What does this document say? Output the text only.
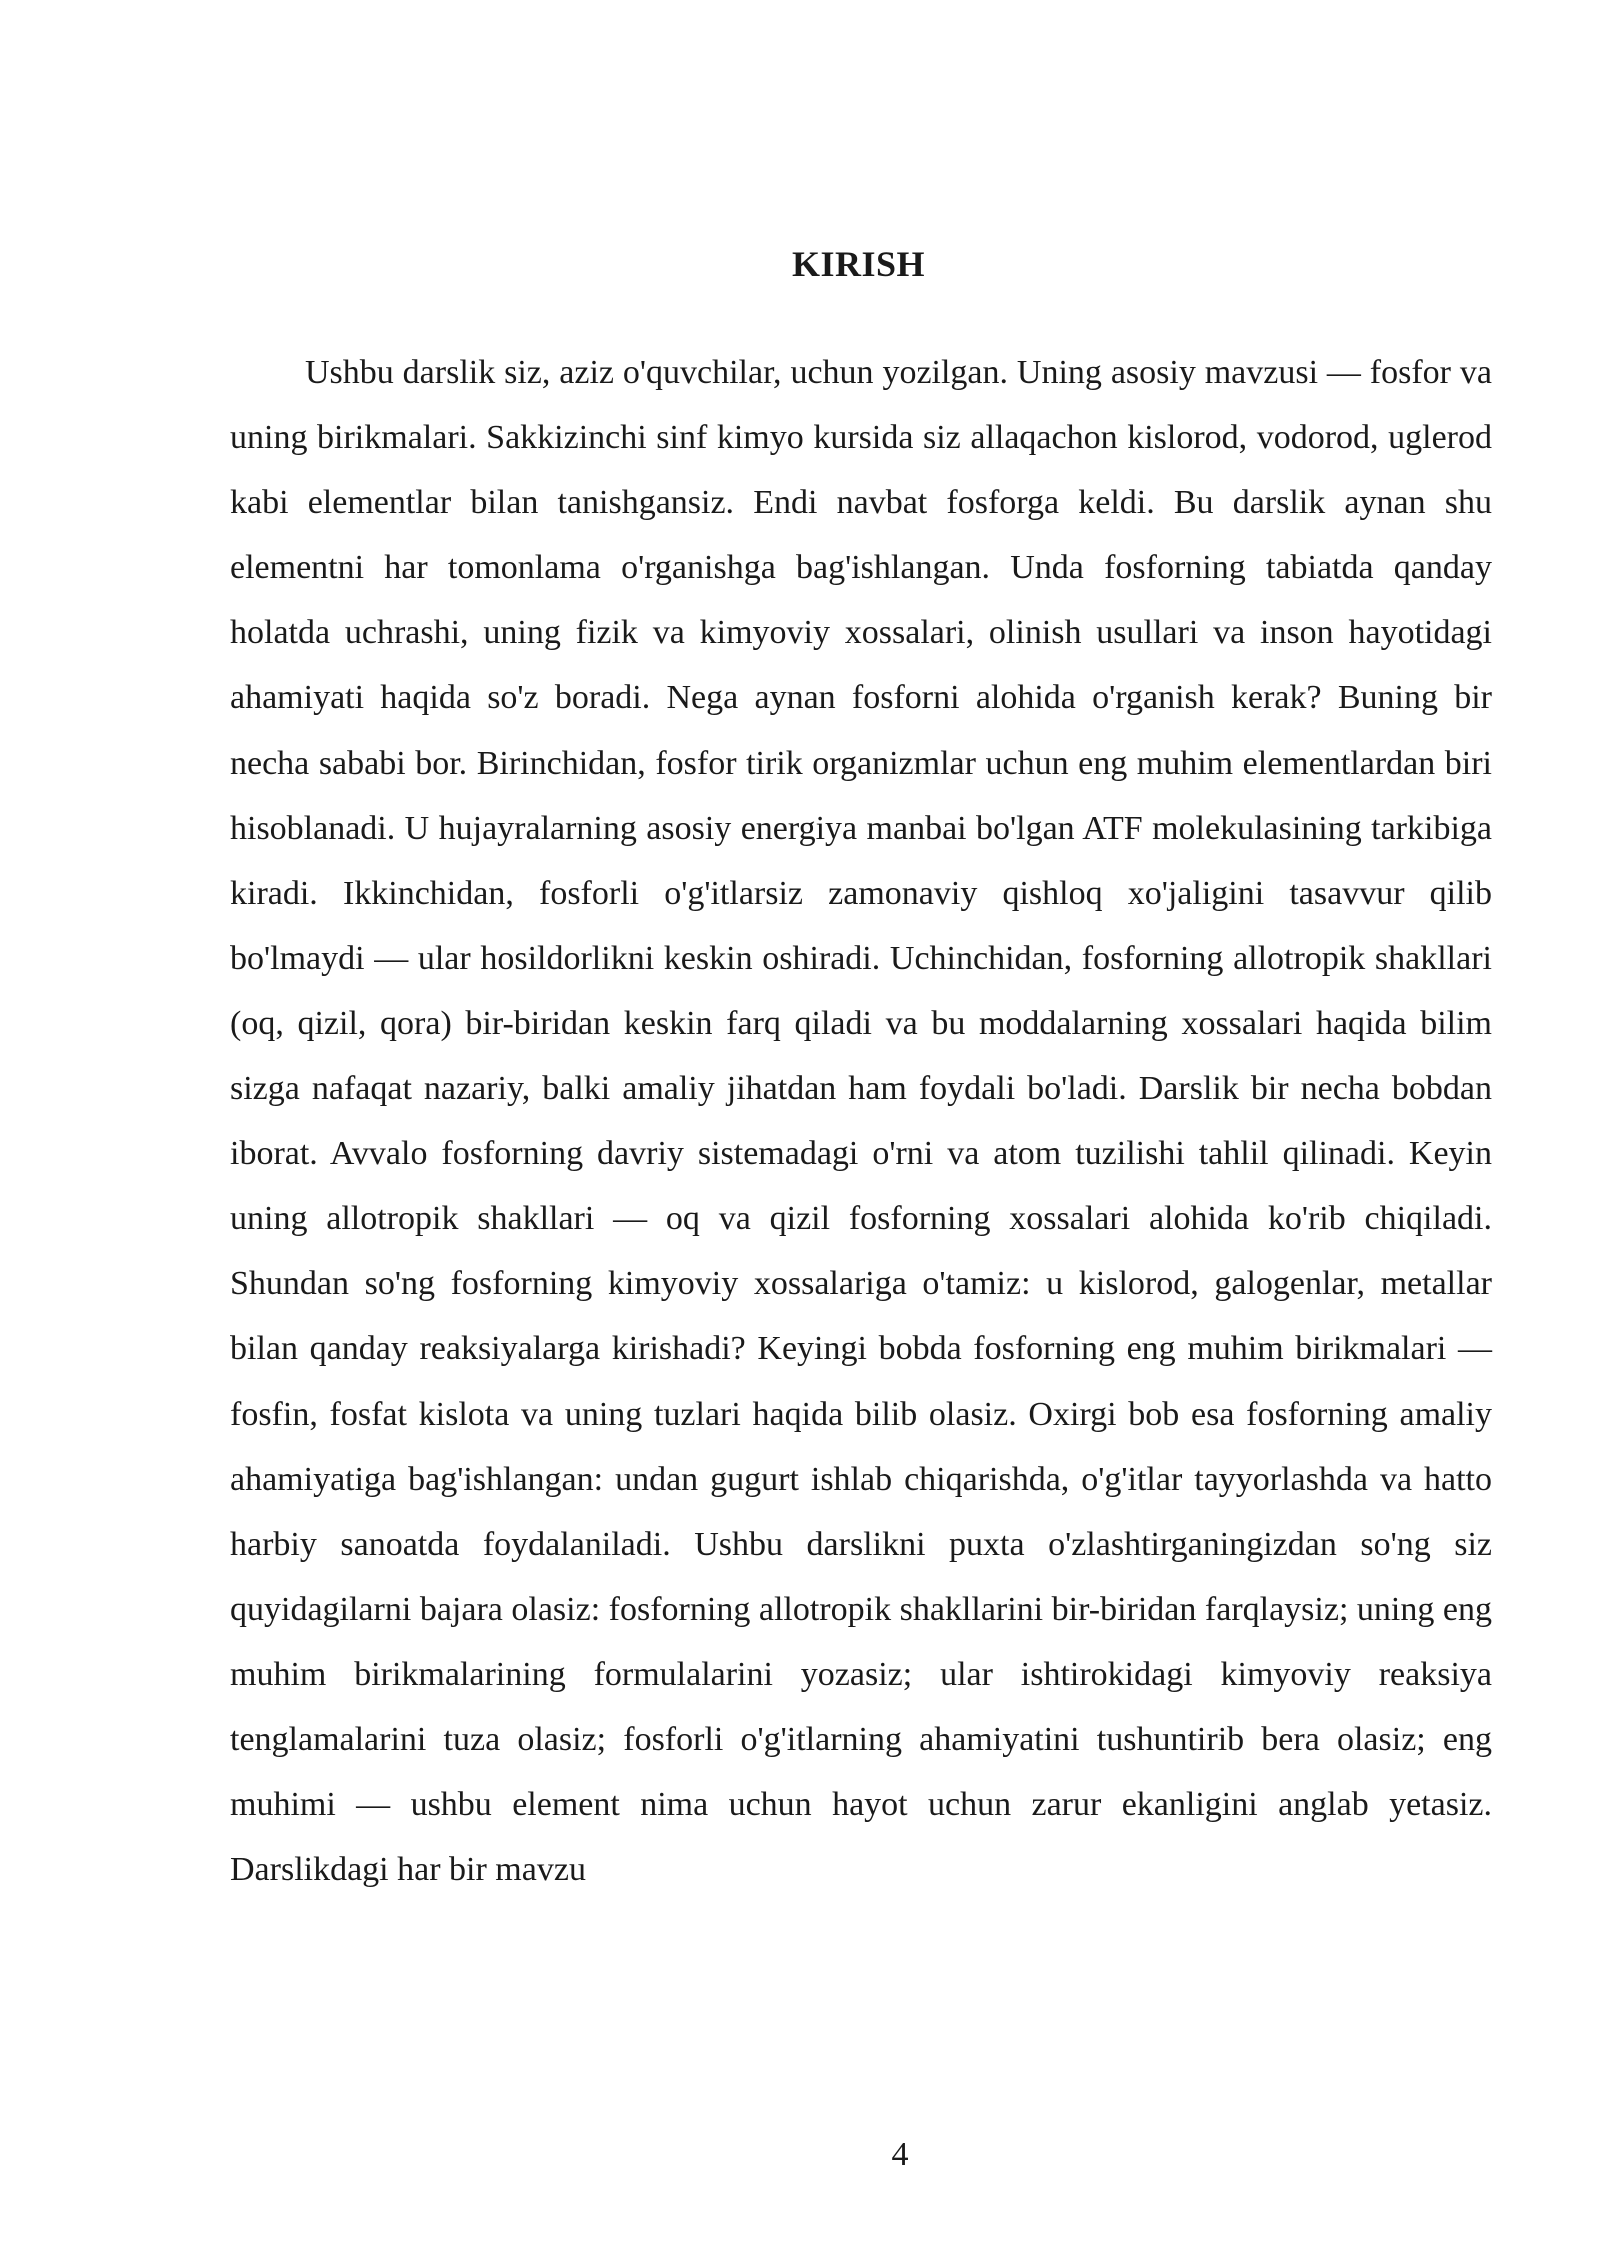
KIRISH

Ushbu darslik siz, aziz o'quvchilar, uchun yozilgan. Uning asosiy mavzusi — fosfor va uning birikmalari. Sakkizinchi sinf kimyo kursida siz allaqachon kislorod, vodorod, uglerod kabi elementlar bilan tanishgansiz. Endi navbat fosforga keldi. Bu darslik aynan shu elementni har tomonlama o'rganishga bag'ishlangan. Unda fosforning tabiatda qanday holatda uchrashi, uning fizik va kimyoviy xossalari, olinish usullari va inson hayotidagi ahamiyati haqida so'z boradi. Nega aynan fosforni alohida o'rganish kerak? Buning bir necha sababi bor. Birinchidan, fosfor tirik organizmlar uchun eng muhim elementlardan biri hisoblanadi. U hujayralarning asosiy energiya manbai bo'lgan ATF molekulasining tarkibiga kiradi. Ikkinchidan, fosforli o'g'itlarsiz zamonaviy qishloq xo'jaligini tasavvur qilib bo'lmaydi — ular hosildorlikni keskin oshiradi. Uchinchidan, fosforning allotropik shakllari (oq, qizil, qora) bir-biridan keskin farq qiladi va bu moddalarning xossalari haqida bilim sizga nafaqat nazariy, balki amaliy jihatdan ham foydali bo'ladi. Darslik bir necha bobdan iborat. Avvalo fosforning davriy sistemadagi o'rni va atom tuzilishi tahlil qilinadi. Keyin uning allotropik shakllari — oq va qizil fosforning xossalari alohida ko'rib chiqiladi. Shundan so'ng fosforning kimyoviy xossalariga o'tamiz: u kislorod, galogenlar, metallar bilan qanday reaksiyalarga kirishadi? Keyingi bobda fosforning eng muhim birikmalari — fosfin, fosfat kislota va uning tuzlari haqida bilib olasiz. Oxirgi bob esa fosforning amaliy ahamiyatiga bag'ishlangan: undan gugurt ishlab chiqarishda, o'g'itlar tayyorlashda va hatto harbiy sanoatda foydalaniladi. Ushbu darslikni puxta o'zlashtirganingizdan so'ng siz quyidagilarni bajara olasiz: fosforning allotropik shakllarini bir-biridan farqlaysiz; uning eng muhim birikmalarining formulalarini yozasiz; ular ishtirokidagi kimyoviy reaksiya tenglamalarini tuza olasiz; fosforli o'g'itlarning ahamiyatini tushuntirib bera olasiz; eng muhimi — ushbu element nima uchun hayot uchun zarur ekanligini anglab yetasiz. Darslikdagi har bir mavzu

4
